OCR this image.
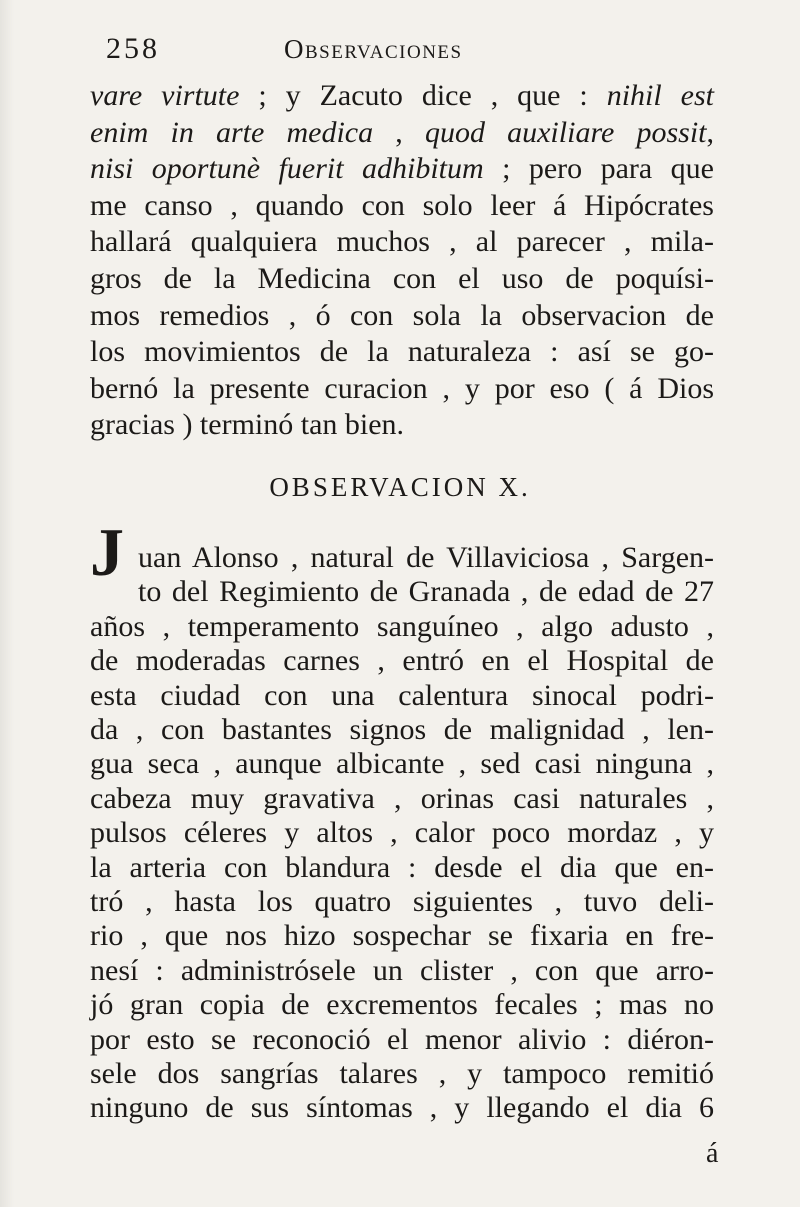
258	Observaciones
vare virtute ; y Zacuto dice , que : nihil est
enim in arte medica , quod auxiliare possit,
nisi oportunè fuerit adhibitum ; pero para que
me canso , quando con solo leer á Hipócrates
hallará qualquiera muchos , al parecer , mila-
gros de la Medicina con el uso de poquísi-
mos remedios , ó con sola la observacion de
los movimientos de la naturaleza : así se go-
bernó la presente curacion , y por eso ( á Dios
gracias ) terminó tan bien.
OBSERVACION X.
J uan Alonso , natural de Villaviciosa , Sargen-
to del Regimiento de Granada , de edad de 27
años , temperamento sanguíneo , algo adusto ,
de moderadas carnes , entró en el Hospital de
esta ciudad con una calentura sinocal podri-
da , con bastantes signos de malignidad , len-
gua seca , aunque albicante , sed casi ninguna ,
cabeza muy gravativa , orinas casi naturales ,
pulsos céleres y altos , calor poco mordaz , y
la arteria con blandura : desde el dia que en-
tró , hasta los quatro siguientes , tuvo deli-
rio , que nos hizo sospechar se fixaria en fre-
nesí : administrósele un clister , con que arro-
jó gran copia de excrementos fecales ; mas no
por esto se reconoció el menor alivio : diéron-
sele dos sangrías talares , y tampoco remitió
ninguno de sus síntomas , y llegando el dia 6
á
